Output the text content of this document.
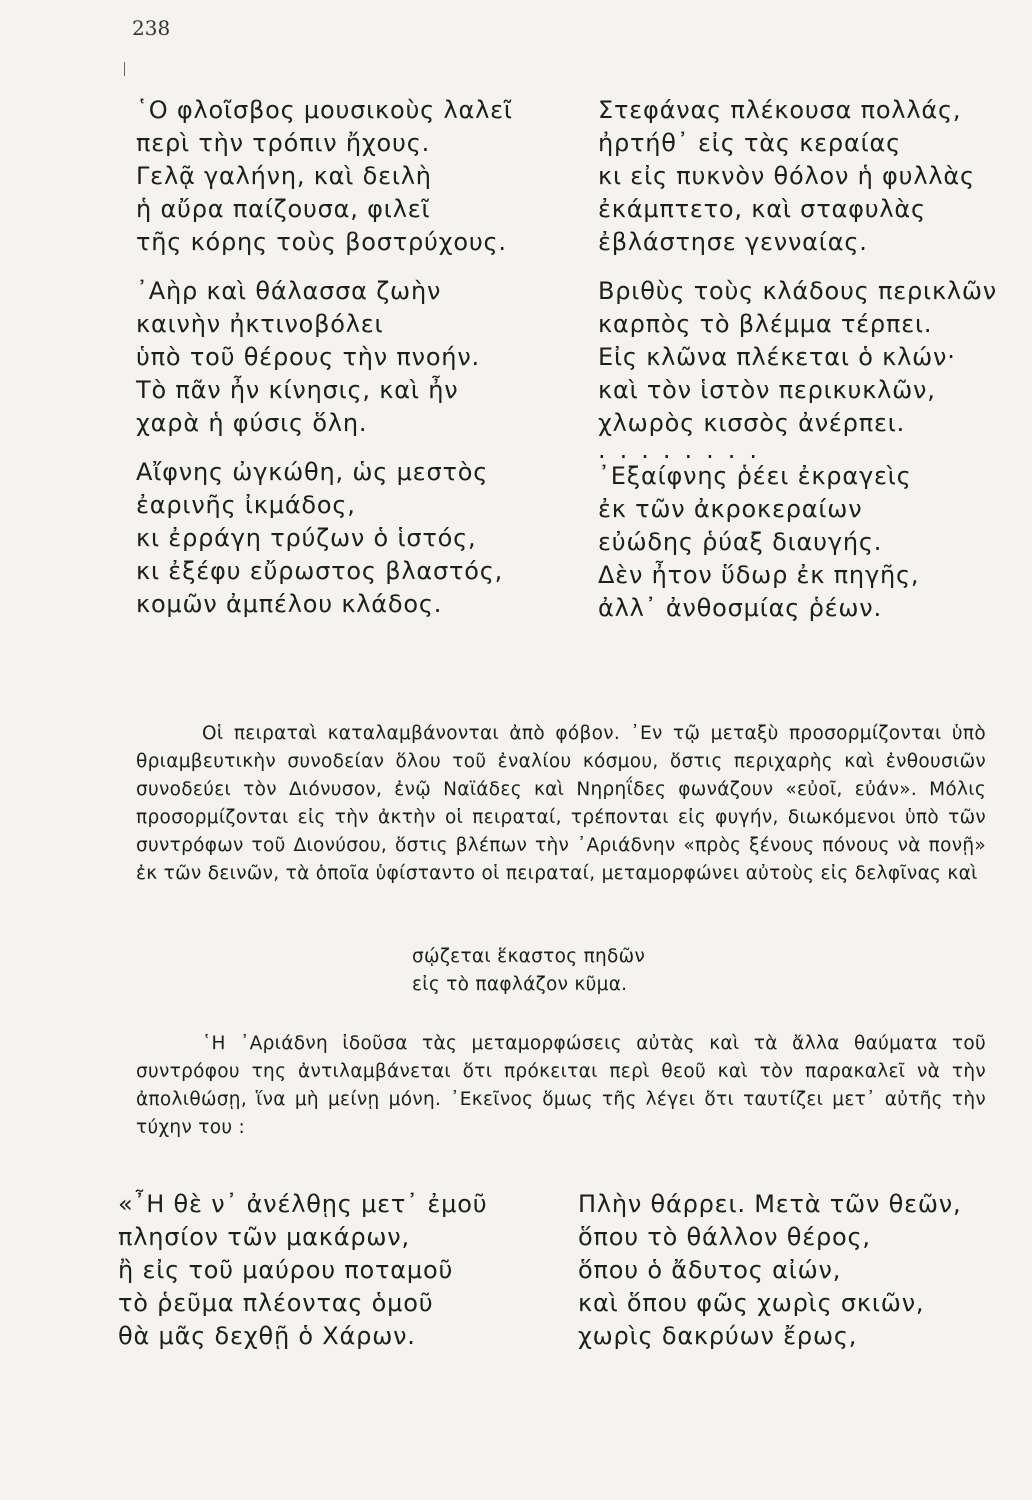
238
῾Ο φλοῖσβος μουσικοὺς λαλεῖ
περὶ τὴν τρόπιν ἤχους.
Γελᾷ γαλήνη, καὶ δειλὴ
ἡ αὔρα παίζουσα, φιλεῖ
τῆς κόρης τοὺς βοστρύχους.
᾽Αὴρ καὶ θάλασσα ζωὴν
καινὴν ἠκτινοβόλει
ὑπὸ τοῦ θέρους τὴν πνοήν.
Τὸ πᾶν ἦν κίνησις, καὶ ἦν
χαρὰ ἡ φύσις ὅλη.
Αἴφνης ὠγκώθη, ὡς μεστὸς
ἐαρινῆς ἰκμάδος,
κι ἐρράγη τρύζων ὁ ἱστός,
κι ἐξέφυ εὔρωστος βλαστός,
κομῶν ἀμπέλου κλάδος.
Στεφάνας πλέκουσα πολλάς,
ἠρτήθ᾽ εἰς τὰς κεραίας
κι εἰς πυκνὸν θόλον ἡ φυλλὰς
ἐκάμπτετο, καὶ σταφυλὰς
ἐβλάστησε γενναίας.
Βριθὺς τοὺς κλάδους περικλῶν
καρπὸς τὸ βλέμμα τέρπει.
Εἰς κλῶνα πλέκεται ὁ κλών·
καὶ τὸν ἱστὸν περικυκλῶν,
χλωρὸς κισσὸς ἀνέρπει.
........
᾽Εξαίφνης ῥέει ἐκραγεὶς
ἐκ τῶν ἀκροκεραίων
εὐώδης ῥύαξ διαυγής.
Δὲν ἦτον ὕδωρ ἐκ πηγῆς,
ἀλλ᾽ ἀνθοσμίας ῥέων.

Οἱ πειραταὶ καταλαμβάνονται ἀπὸ φόβον. ᾽Εν τῷ μεταξὺ προσορμίζονται ὑπὸ θριαμβευτικὴν συνοδείαν ὅλου τοῦ ἐναλίου κόσμου, ὅστις περιχαρὴς καὶ ἐνθουσιῶν συνοδεύει τὸν Διόνυσον, ἐνῷ Ναϊάδες καὶ Νηρηΐδες φωνάζουν «εὐοῖ, εὐάν». Μόλις προσορμίζονται εἰς τὴν ἀκτὴν οἱ πειραταί, τρέπονται εἰς φυγήν, διωκόμενοι ὑπὸ τῶν συντρόφων τοῦ Διονύσου, ὅστις βλέπων τὴν ᾽Αριάδνην «πρὸς ξένους πόνους νὰ πονῇ» ἐκ τῶν δεινῶν, τὰ ὁποῖα ὑφίσταντο οἱ πειραταί, μεταμορφώνει αὐτοὺς εἰς δελφῖνας καὶ

σῴζεται ἕκαστος πηδῶν
εἰς τὸ παφλάζον κῦμα.

῾Η ᾽Αριάδνη ἰδοῦσα τὰς μεταμορφώσεις αὐτὰς καὶ τὰ ἄλλα θαύματα τοῦ συντρόφου της ἀντιλαμβάνεται ὅτι πρόκειται περὶ θεοῦ καὶ τὸν παρακαλεῖ νὰ τὴν ἀπολιθώσῃ, ἵνα μὴ μείνῃ μόνη. ᾽Εκεῖνος ὅμως τῆς λέγει ὅτι ταυτίζει μετ᾽ αὐτῆς τὴν τύχην του :

«῏Η θὲ ν᾽ ἀνέλθῃς μετ᾽ ἐμοῦ
πλησίον τῶν μακάρων,
ἢ εἰς τοῦ μαύρου ποταμοῦ
τὸ ῥεῦμα πλέοντας ὁμοῦ
θὰ μᾶς δεχθῇ ὁ Χάρων.
Πλὴν θάρρει. Μετὰ τῶν θεῶν,
ὅπου τὸ θάλλον θέρος,
ὅπου ὁ ἄδυτος αἰών,
καὶ ὅπου φῶς χωρὶς σκιῶν,
χωρὶς δακρύων ἔρως,
